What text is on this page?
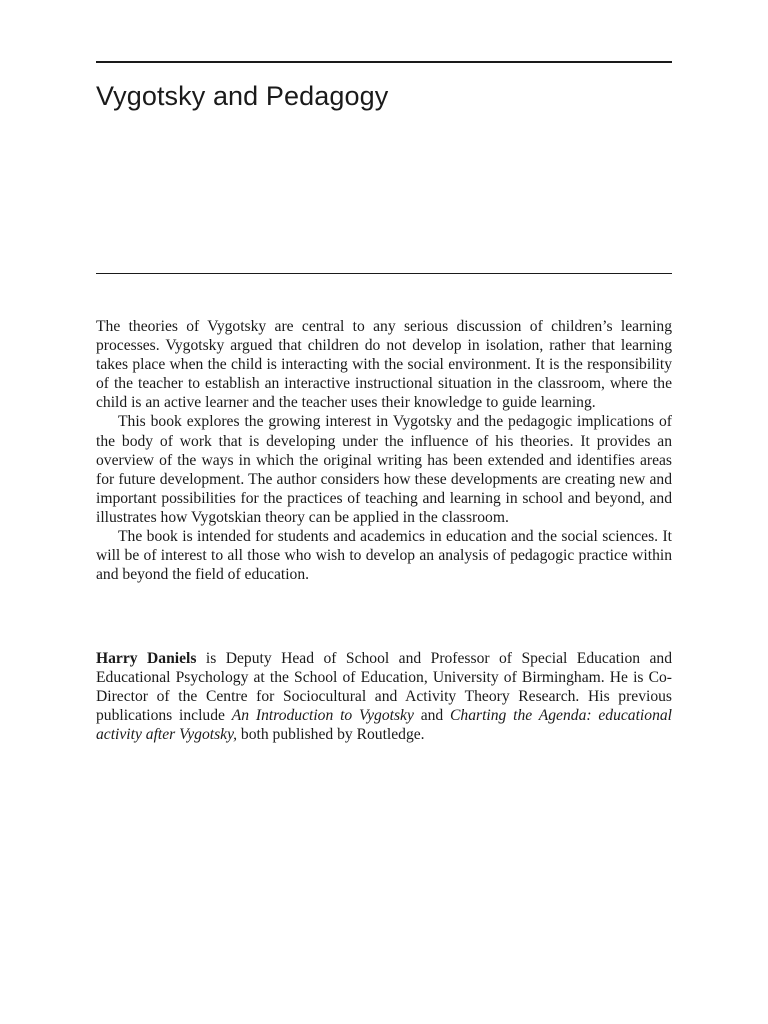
Vygotsky and Pedagogy

The theories of Vygotsky are central to any serious discussion of children’s learning processes. Vygotsky argued that children do not develop in isolation, rather that learning takes place when the child is interacting with the social environment. It is the responsibility of the teacher to establish an interactive instructional situation in the classroom, where the child is an active learner and the teacher uses their knowledge to guide learning.

This book explores the growing interest in Vygotsky and the pedagogic implications of the body of work that is developing under the influence of his theories. It provides an overview of the ways in which the original writing has been extended and identifies areas for future development. The author considers how these developments are creating new and important possibilities for the practices of teaching and learning in school and beyond, and illustrates how Vygotskian theory can be applied in the classroom.

The book is intended for students and academics in education and the social sciences. It will be of interest to all those who wish to develop an analysis of pedagogic practice within and beyond the field of education.

Harry Daniels is Deputy Head of School and Professor of Special Education and Educational Psychology at the School of Education, University of Birmingham. He is Co-Director of the Centre for Sociocultural and Activity Theory Research. His previous publications include An Introduction to Vygotsky and Charting the Agenda: educational activity after Vygotsky, both published by Routledge.
